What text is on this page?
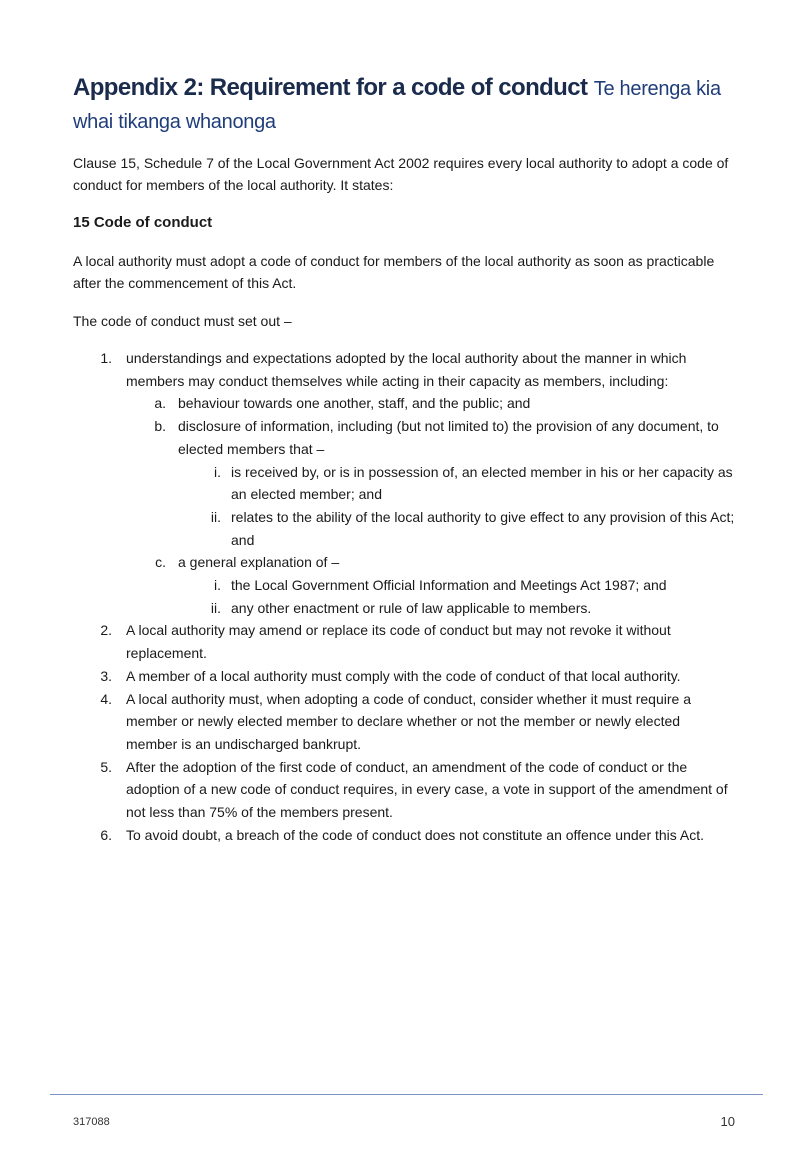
Appendix 2: Requirement for a code of conduct Te herenga kia
whai tikanga whanonga

Clause 15, Schedule 7 of the Local Government Act 2002 requires every local authority to adopt a code of conduct for members of the local authority. It states:

15 Code of conduct

A local authority must adopt a code of conduct for members of the local authority as soon as practicable after the commencement of this Act.

The code of conduct must set out –

1. understandings and expectations adopted by the local authority about the manner in which members may conduct themselves while acting in their capacity as members, including:
a. behaviour towards one another, staff, and the public; and
b. disclosure of information, including (but not limited to) the provision of any document, to elected members that –
i. is received by, or is in possession of, an elected member in his or her capacity as an elected member; and
ii. relates to the ability of the local authority to give effect to any provision of this Act; and
c. a general explanation of –
i. the Local Government Official Information and Meetings Act 1987; and
ii. any other enactment or rule of law applicable to members.
2. A local authority may amend or replace its code of conduct but may not revoke it without replacement.
3. A member of a local authority must comply with the code of conduct of that local authority.
4. A local authority must, when adopting a code of conduct, consider whether it must require a member or newly elected member to declare whether or not the member or newly elected member is an undischarged bankrupt.
5. After the adoption of the first code of conduct, an amendment of the code of conduct or the adoption of a new code of conduct requires, in every case, a vote in support of the amendment of not less than 75% of the members present.
6. To avoid doubt, a breach of the code of conduct does not constitute an offence under this Act.
317088	10
